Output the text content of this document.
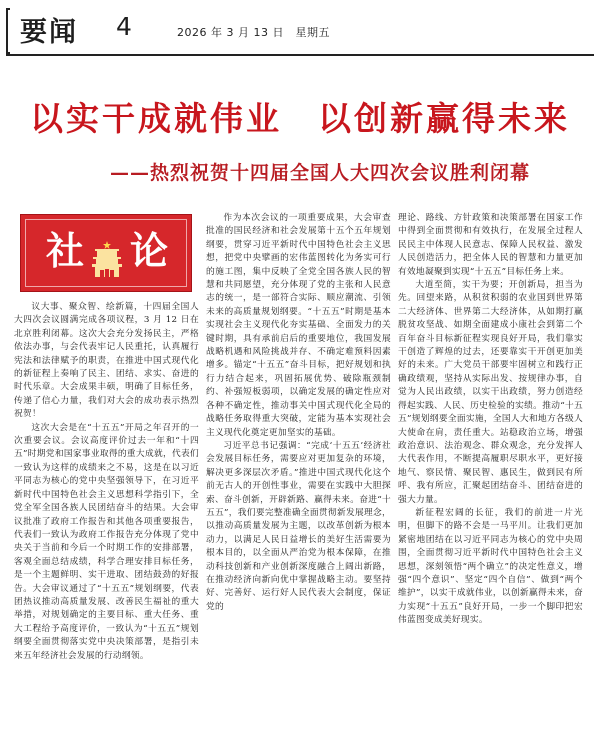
要闻 4	2026 年 3 月 13 日　星期五
以实干成就伟业　以创新赢得未来
——热烈祝贺十四届全国人大四次会议胜利闭幕
社 论

议大事、聚众智、绘新篇，十四届全国人大四次会议圆满完成各项议程，3 月 12 日在北京胜利闭幕。这次大会充分发扬民主，严格依法办事，与会代表牢记人民重托，认真履行宪法和法律赋予的职责，在推进中国式现代化的新征程上奏响了民主、团结、求实、奋进的时代乐章。大会成果丰硕，明确了目标任务，传递了信心力量，我们对大会的成功表示热烈祝贺！

这次大会是在“十五五”开局之年召开的一次重要会议。会议高度评价过去一年和“十四五”时期党和国家事业取得的重大成就，代表们一致认为这样的成绩来之不易，这是在以习近平同志为核心的党中央坚强领导下，在习近平新时代中国特色社会主义思想科学指引下，全党全军全国各族人民团结奋斗的结果。大会审议批准了政府工作报告和其他各项重要报告，代表们一致认为政府工作报告充分体现了党中央关于当前和今后一个时期工作的安排部署，客观全面总结成绩，科学合理安排目标任务，是一个主题鲜明、实干进取、团结鼓劲的好报告。大会审议通过了“十五五”规划纲要，代表团热议推动高质量发展、改善民生福祉的重大举措，对规划确定的主要目标、重大任务、重大工程给予高度评价，一致认为“十五五”规划纲要全面贯彻落实党中央决策部署，是指引未来五年经济社会发展的行动纲领。

作为本次会议的一项重要成果，大会审查批准的国民经济和社会发展第十五个五年规划纲要，贯穿习近平新时代中国特色社会主义思想，把党中央擘画的宏伟蓝图转化为务实可行的施工图，集中反映了全党全国各族人民的智慧和共同愿望，充分体现了党的主张和人民意志的统一，是一部符合实际、顺应潮流、引领未来的高质量规划纲要。“十五五”时期是基本实现社会主义现代化夯实基础、全面发力的关键时期，具有承前启后的重要地位，我国发展战略机遇和风险挑战并存、不确定难预料因素增多。锚定“十五五”奋斗目标，把好规划和执行力结合起来，巩固拓展优势、破除瓶颈制约、补强短板弱项，以确定发展的确定性应对各种不确定性，推动事关中国式现代化全局的战略任务取得重大突破，定能为基本实现社会主义现代化奠定更加坚实的基础。

习近平总书记强调：“完成‘十五五’经济社会发展目标任务，需要应对更加复杂的环境，解决更多深层次矛盾。”推进中国式现代化这个前无古人的开创性事业，需要在实践中大胆探索、奋斗创新，开辟新路、赢得未来。奋进“十五五”，我们要完整准确全面贯彻新发展理念，以推动高质量发展为主题，以改革创新为根本动力，以满足人民日益增长的美好生活需要为根本目的，以全面从严治党为根本保障，在推动科技创新和产业创新深度融合上阔出新路，在推动经济向新向优中掌握战略主动。要坚持好、完善好、运行好人民代表大会制度，保证党的

理论、路线、方针政策和决策部署在国家工作中得到全面贯彻和有效执行，在发展全过程人民民主中体现人民意志、保障人民权益、激发人民创造活力，把全体人民的智慧和力量更加有效地凝聚到实现“十五五”目标任务上来。

大道至简，实干为要；开创新局，担当为先。回望来路，从积贫积弱的农业国到世界第二大经济体、世界第二大经济体，从如期打赢脱贫攻坚战、如期全面建成小康社会到第二个百年奋斗目标新征程实现良好开局，我们靠实干创造了辉煌的过去，还要靠实干开创更加美好的未来。广大党员干部要牢固树立和践行正确政绩观，坚持从实际出发、按规律办事，自觉为人民出政绩，以实干出政绩，努力创造经得起实践、人民、历史检验的实绩。推动“十五五”规划纲要全面实施，全国人大和地方各级人大使命在肩，责任重大。站稳政治立场，增强政治意识、法治观念、群众观念，充分发挥人大代表作用，不断提高履职尽职水平，更好接地气、察民情、聚民智、惠民生，做到民有所呼、我有所应，汇聚起团结奋斗、团结奋进的强大力量。

新征程宏阔的长征，我们的前进一片光明，但脚下的路不会是一马平川。让我们更加紧密地团结在以习近平同志为核心的党中央周围，全面贯彻习近平新时代中国特色社会主义思想，深刻领悟“两个确立”的决定性意义，增强“四个意识”、坚定“四个自信”、做到“两个维护”，以实干成就伟业，以创新赢得未来，奋力实现“十五五”良好开局，一步一个脚印把宏伟蓝图变成美好现实。
